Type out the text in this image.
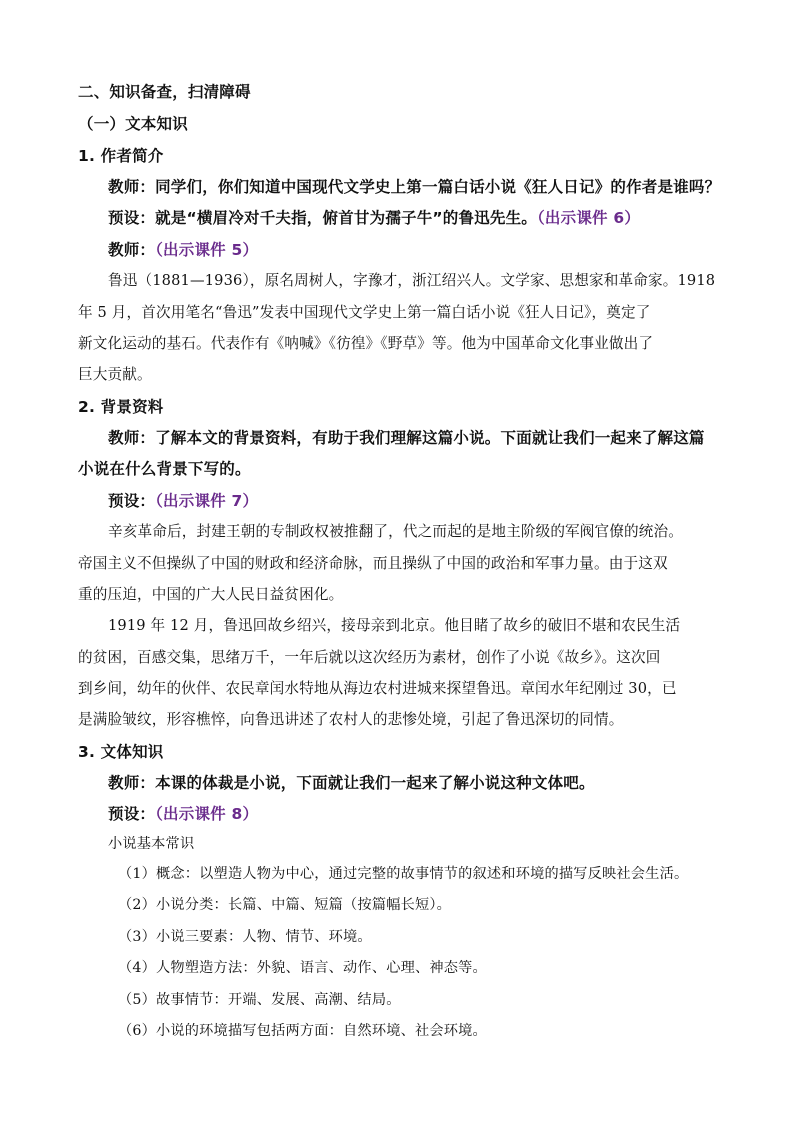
二、知识备查，扫清障碍
（一）文本知识
1. 作者简介
教师：同学们，你们知道中国现代文学史上第一篇白话小说《狂人日记》的作者是谁吗？
预设：就是“横眉冷对千夫指，俯首甘为孺子牛”的鲁迅先生。（出示课件 6）
教师：（出示课件 5）
鲁迅（1881—1936），原名周树人，字豫才，浙江绍兴人。文学家、思想家和革命家。1918
年 5 月，首次用笔名“鲁迅”发表中国现代文学史上第一篇白话小说《狂人日记》，奠定了
新文化运动的基石。代表作有《呐喊》《彷徨》《野草》等。他为中国革命文化事业做出了
巨大贡献。
2. 背景资料
教师：了解本文的背景资料，有助于我们理解这篇小说。下面就让我们一起来了解这篇
小说在什么背景下写的。
预设：（出示课件 7）
辛亥革命后，封建王朝的专制政权被推翻了，代之而起的是地主阶级的军阀官僚的统治。
帝国主义不但操纵了中国的财政和经济命脉，而且操纵了中国的政治和军事力量。由于这双
重的压迫，中国的广大人民日益贫困化。
1919 年 12 月，鲁迅回故乡绍兴，接母亲到北京。他目睹了故乡的破旧不堪和农民生活
的贫困，百感交集，思绪万千，一年后就以这次经历为素材，创作了小说《故乡》。这次回
到乡间，幼年的伙伴、农民章闰水特地从海边农村进城来探望鲁迅。章闰水年纪刚过 30，已
是满脸皱纹，形容樵悴，向鲁迅讲述了农村人的悲惨处境，引起了鲁迅深切的同情。
3. 文体知识
教师：本课的体裁是小说，下面就让我们一起来了解小说这种文体吧。
预设：（出示课件 8）
小说基本常识
（1）概念：以塑造人物为中心，通过完整的故事情节的叙述和环境的描写反映社会生活。
（2）小说分类：长篇、中篇、短篇（按篇幅长短）。
（3）小说三要素：人物、情节、环境。
（4）人物塑造方法：外貌、语言、动作、心理、神态等。
（5）故事情节：开端、发展、高潮、结局。
（6）小说的环境描写包括两方面：自然环境、社会环境。
